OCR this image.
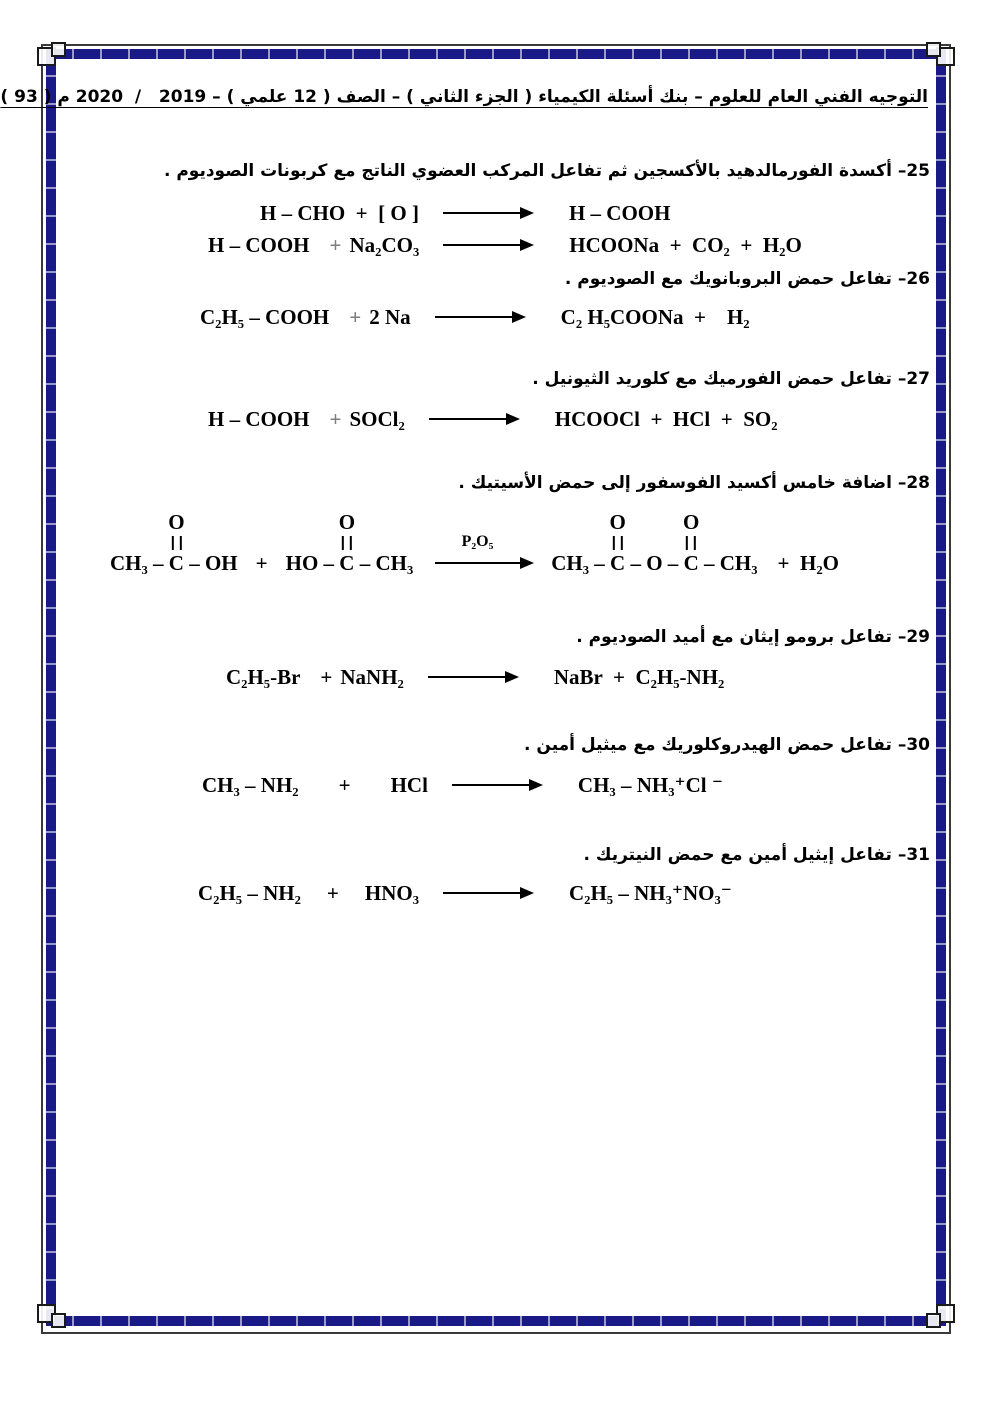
التوجيه الفني العام للعلوم – بنك أسئلة الكيمياء ( الجزء الثاني ) – الصف ( 12 علمي ) – 2019   /  2020 م ( 93 )
25– أكسدة الفورمالدهيد بالأكسجين ثم تفاعل المركب العضوي الناتج مع كربونات الصوديوم .
H – CHO  +  [ O ]	H – COOH
H – COOH + Na₂CO₃	HCOONa  +  CO₂  +  H₂O
26– تفاعل حمض البروبانويك مع الصوديوم .
C₂H₅ – COOH + 2 Na	C₂ H₅COONa  +    H₂
27– تفاعل حمض الفورميك مع كلوريد الثيونيل .
H – COOH + SOCl₂	HCOOCl  +  HCl  +  SO₂
28– اضافة خامس أكسيد الفوسفور إلى حمض الأسيتيك .
CH₃ –
O
C – OH + HO –
O
C – CH₃
P₂O₅
CH₃ –
O
C – O –
O
C – CH₃ +  H₂O
29– تفاعل برومو إيثان مع أميد الصوديوم .
C₂H₅-Br + NaNH₂	NaBr  +  C₂H₅-NH₂
30– تفاعل حمض الهيدروكلوريك مع ميثيل أمين .
CH₃ – NH₂ + HCl	CH₃ – NH₃⁺Cl ⁻
31– تفاعل إيثيل أمين مع حمض النيتريك .
C₂H₅ – NH₂ + HNO₃	C₂H₅ – NH₃⁺NO₃⁻
